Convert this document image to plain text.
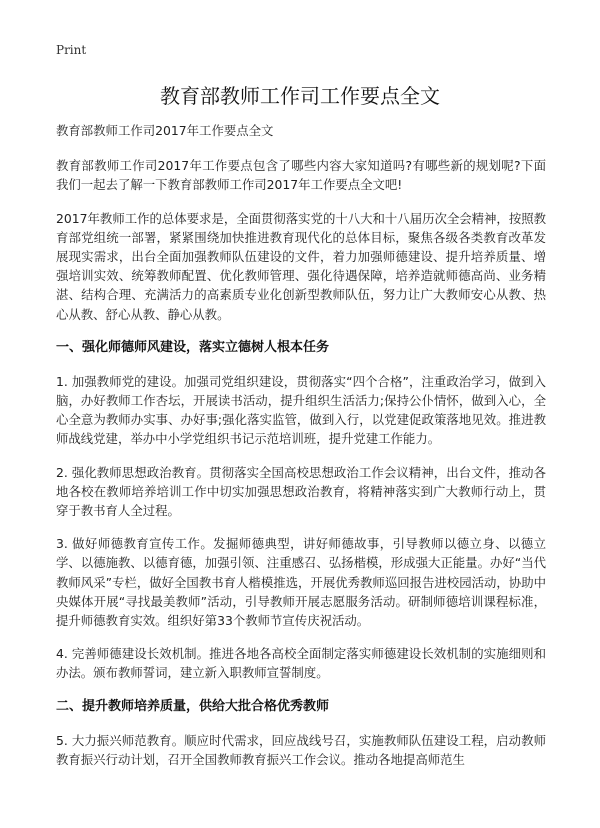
Print
教育部教师工作司工作要点全文

教育部教师工作司2017年工作要点全文

教育部教师工作司2017年工作要点包含了哪些内容大家知道吗?有哪些新的规划呢?下面我们一起去了解一下教育部教师工作司2017年工作要点全文吧!

2017年教师工作的总体要求是，全面贯彻落实党的十八大和十八届历次全会精神，按照教育部党组统一部署，紧紧围绕加快推进教育现代化的总体目标，聚焦各级各类教育改革发展现实需求，出台全面加强教师队伍建设的文件，着力加强师德建设、提升培养质量、增强培训实效、统筹教师配置、优化教师管理、强化待遇保障，培养造就师德高尚、业务精湛、结构合理、充满活力的高素质专业化创新型教师队伍，努力让广大教师安心从教、热心从教、舒心从教、静心从教。

一、强化师德师风建设，落实立德树人根本任务

1. 加强教师党的建设。加强司党组织建设，贯彻落实“四个合格”，注重政治学习，做到入脑，办好教师工作杏坛，开展读书活动，提升组织生活活力;保持公仆情怀，做到入心，全心全意为教师办实事、办好事;强化落实监管，做到入行，以党建促政策落地见效。推进教师战线党建，举办中小学党组织书记示范培训班，提升党建工作能力。

2. 强化教师思想政治教育。贯彻落实全国高校思想政治工作会议精神，出台文件，推动各地各校在教师培养培训工作中切实加强思想政治教育，将精神落实到广大教师行动上，贯穿于教书育人全过程。

3. 做好师德教育宣传工作。发掘师德典型，讲好师德故事，引导教师以德立身、以德立学、以德施教、以德育德，加强引领、注重感召、弘扬楷模，形成强大正能量。办好“当代教师风采”专栏，做好全国教书育人楷模推选，开展优秀教师巡回报告进校园活动，协助中央媒体开展“寻找最美教师”活动，引导教师开展志愿服务活动。研制师德培训课程标准，提升师德教育实效。组织好第33个教师节宣传庆祝活动。

4. 完善师德建设长效机制。推进各地各高校全面制定落实师德建设长效机制的实施细则和办法。颁布教师誓词，建立新入职教师宣誓制度。

二、提升教师培养质量，供给大批合格优秀教师

5. 大力振兴师范教育。顺应时代需求，回应战线号召，实施教师队伍建设工程，启动教师教育振兴行动计划，召开全国教师教育振兴工作会议。推动各地提高师范生
